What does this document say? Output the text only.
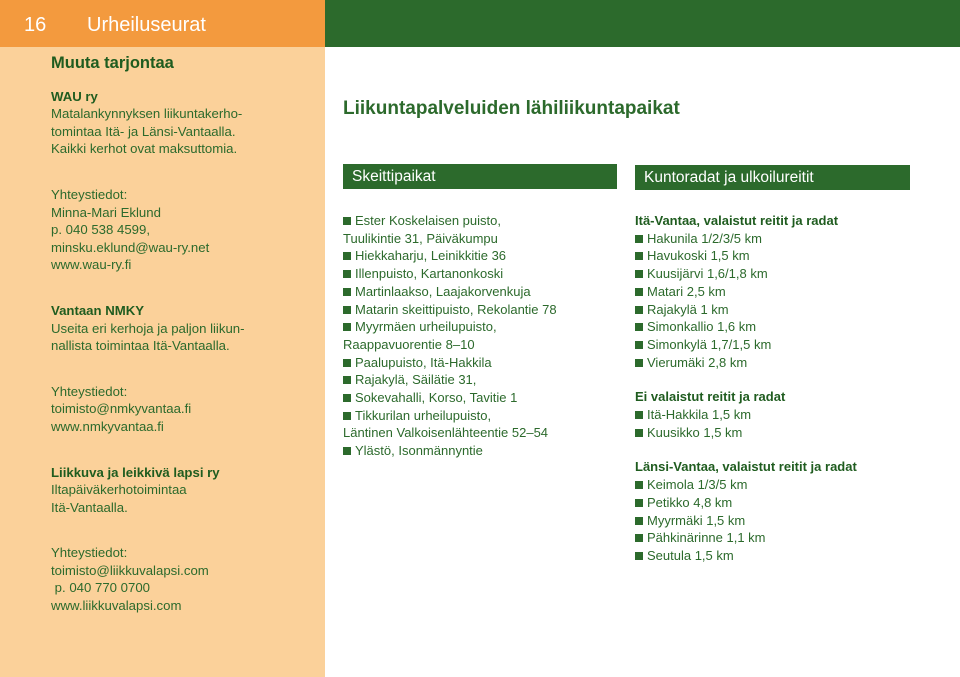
16 Urheiluseurat
Muuta tarjontaa
WAU ry
Matalankynnyksen liikuntakerho-
tomintaa Itä- ja Länsi-Vantaalla.
Kaikki kerhot ovat maksuttomia.
Yhteystiedot:
Minna-Mari Eklund
p. 040 538 4599,
minsku.eklund@wau-ry.net
www.wau-ry.fi
Vantaan NMKY
Useita eri kerhoja ja paljon liikun-
nallista toimintaa Itä-Vantaalla.
Yhteystiedot:
toimisto@nmkyvantaa.fi
www.nmkyvantaa.fi
Liikkuva ja leikkivä lapsi ry
Iltapäiväkerhotoimintaa
Itä-Vantaalla.
Yhteystiedot:
toimisto@liikkuvalapsi.com
p. 040 770 0700
www.liikkuvalapsi.com
Liikuntapalveluiden lähiliikuntapaikat
Skeittipaikat	Kuntoradat ja ulkoilureitit
Ester Koskelaisen puisto,
Tuulikintie 31, Päiväkumpu
Hiekkaharju, Leinikkitie 36
Illenpuisto, Kartanonkoski
Martinlaakso, Laajakorvenkuja
Matarin skeittipuisto, Rekolantie 78
Myyrmäen urheilupuisto,
Raappavuorentie 8–10
Paalupuisto, Itä-Hakkila
Rajakylä, Säilätie 31,
Sokevahalli, Korso, Tavitie 1
Tikkurilan urheilupuisto,
Läntinen Valkoisenlähteentie 52–54
Ylästö, Isonmännyntie
Itä-Vantaa, valaistut reitit ja radat
Hakunila 1/2/3/5 km
Havukoski 1,5 km
Kuusijärvi 1,6/1,8 km
Matari 2,5 km
Rajakylä 1 km
Simonkallio 1,6 km
Simonkylä 1,7/1,5 km
Vierumäki 2,8 km
Ei valaistut reitit ja radat
Itä-Hakkila 1,5 km
Kuusikko 1,5 km
Länsi-Vantaa, valaistut reitit ja radat
Keimola 1/3/5 km
Petikko 4,8 km
Myyrmäki 1,5 km
Pähkinärinne 1,1 km
Seutula 1,5 km
